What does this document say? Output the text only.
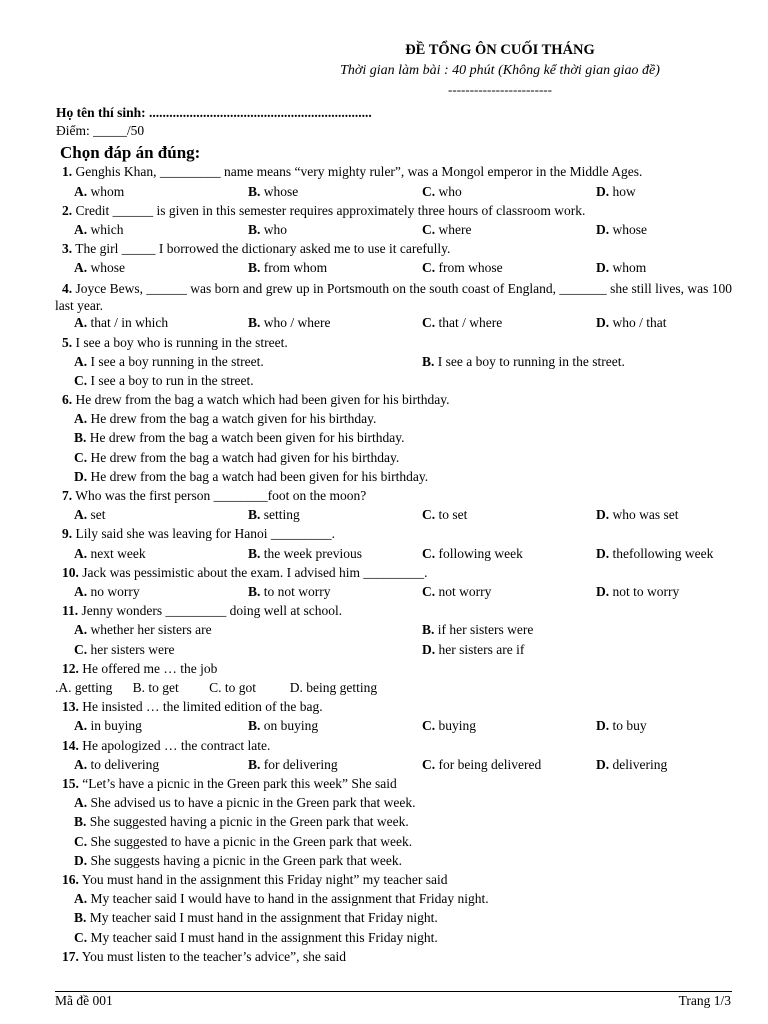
ĐỀ TỔNG ÔN CUỐI THÁNG
Thời gian làm bài : 40 phút (Không kể thời gian giao đề)
------------------------
Họ tên thí sinh: ..................................................................
Điểm: _____/50
Chọn đáp án đúng:
1. Genghis Khan, _________ name means “very mighty ruler”, was a Mongol emperor in the Middle Ages.
A. whom	B. whose	C. who	D. how
2. Credit ______ is given in this semester requires approximately three hours of classroom work.
A. which	B. who	C. where	D. whose
3. The girl _____ I borrowed the dictionary asked me to use it carefully.
A. whose	B. from whom	C. from whose	D. whom
4. Joyce Bews, ______ was born and grew up in Portsmouth on the south coast of England, _______ she still lives, was 100 last year.
A. that / in which	B. who / where	C. that / where	D. who / that
5. I see a boy who is running in the street.
A. I see a boy running in the street.	B. I see a boy to running in the street.
C. I see a boy to run in the street.
6. He drew from the bag a watch which had been given for his birthday.
A. He drew from the bag a watch given for his birthday.
B. He drew from the bag a watch been given for his birthday.
C. He drew from the bag a watch had given for his birthday.
D. He drew from the bag a watch had been given for his birthday.
7. Who was the first person ________foot on the moon?
A. set	B. setting	C. to set	D. who was set
9. Lily said she was leaving for Hanoi _________.
A. next week	B. the week previous	C. following week	D. thefollowing week
10. Jack was pessimistic about the exam. I advised him _________.
A. no worry	B. to not worry	C. not worry	D. not to worry
11. Jenny wonders _________ doing well at school.
A. whether her sisters are	B. if her sisters were
C. her sisters were	D. her sisters are if
12. He offered me … the job
.A. getting      B. to get         C. to got          D. being getting
13. He insisted … the limited edition of the bag.
A. in buying	B. on buying	C. buying	D. to buy
14. He apologized … the contract late.
A. to delivering	B. for delivering	C. for being delivered	D. delivering
15. “Let’s have a picnic in the Green park this week” She said
A. She advised us to have a picnic in the Green park that week.
B. She suggested having a picnic in the Green park that week.
C. She suggested to have a picnic in the Green park that week.
D. She suggests having a picnic in the Green park that week.
16. You must hand in the assignment this Friday night” my teacher said
A. My teacher said I would have to hand in the assignment that Friday night.
B. My teacher said I must hand in the assignment that Friday night.
C. My teacher said I must hand in the assignment this Friday night.
17. You must listen to the teacher’s advice”, she said
Mã đề 001	Trang 1/3
